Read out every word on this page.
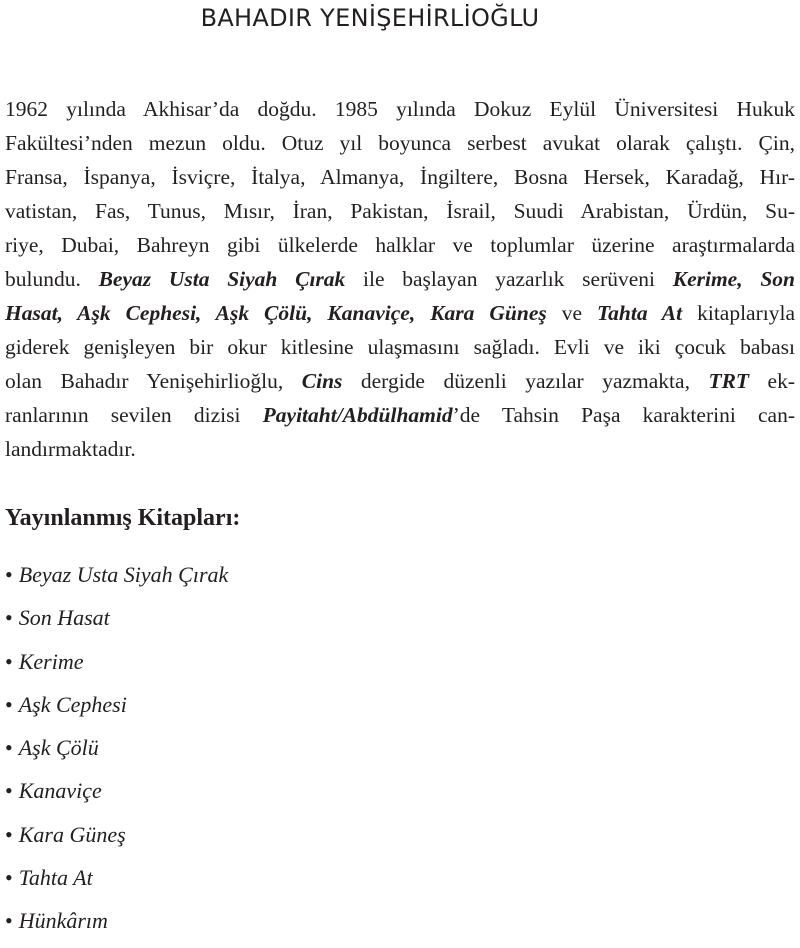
BAHADIR YENİŞEHİRLİOĞLU
1962 yılında Akhisar’da doğdu. 1985 yılında Dokuz Eylül Üniversitesi Hukuk
Fakültesi’nden mezun oldu. Otuz yıl boyunca serbest avukat olarak çalıştı. Çin,
Fransa, İspanya, İsviçre, İtalya, Almanya, İngiltere, Bosna Hersek, Karadağ, Hır-
vatistan, Fas, Tunus, Mısır, İran, Pakistan, İsrail, Suudi Arabistan, Ürdün, Su-
riye, Dubai, Bahreyn gibi ülkelerde halklar ve toplumlar üzerine araştırmalarda
bulundu. Beyaz Usta Siyah Çırak ile başlayan yazarlık serüveni Kerime, Son
Hasat, Aşk Cephesi, Aşk Çölü, Kanaviçe, Kara Güneş ve Tahta At kitaplarıyla
giderek genişleyen bir okur kitlesine ulaşmasını sağladı. Evli ve iki çocuk babası
olan Bahadır Yenişehirlioğlu, Cins dergide düzenli yazılar yazmakta, TRT ek-
ranlarının sevilen dizisi Payitaht/Abdülhamid’de Tahsin Paşa karakterini can-
landırmaktadır.
Yayınlanmış Kitapları:
• Beyaz Usta Siyah Çırak
• Son Hasat
• Kerime
• Aşk Cephesi
• Aşk Çölü
• Kanaviçe
• Kara Güneş
• Tahta At
• Hünkârım
